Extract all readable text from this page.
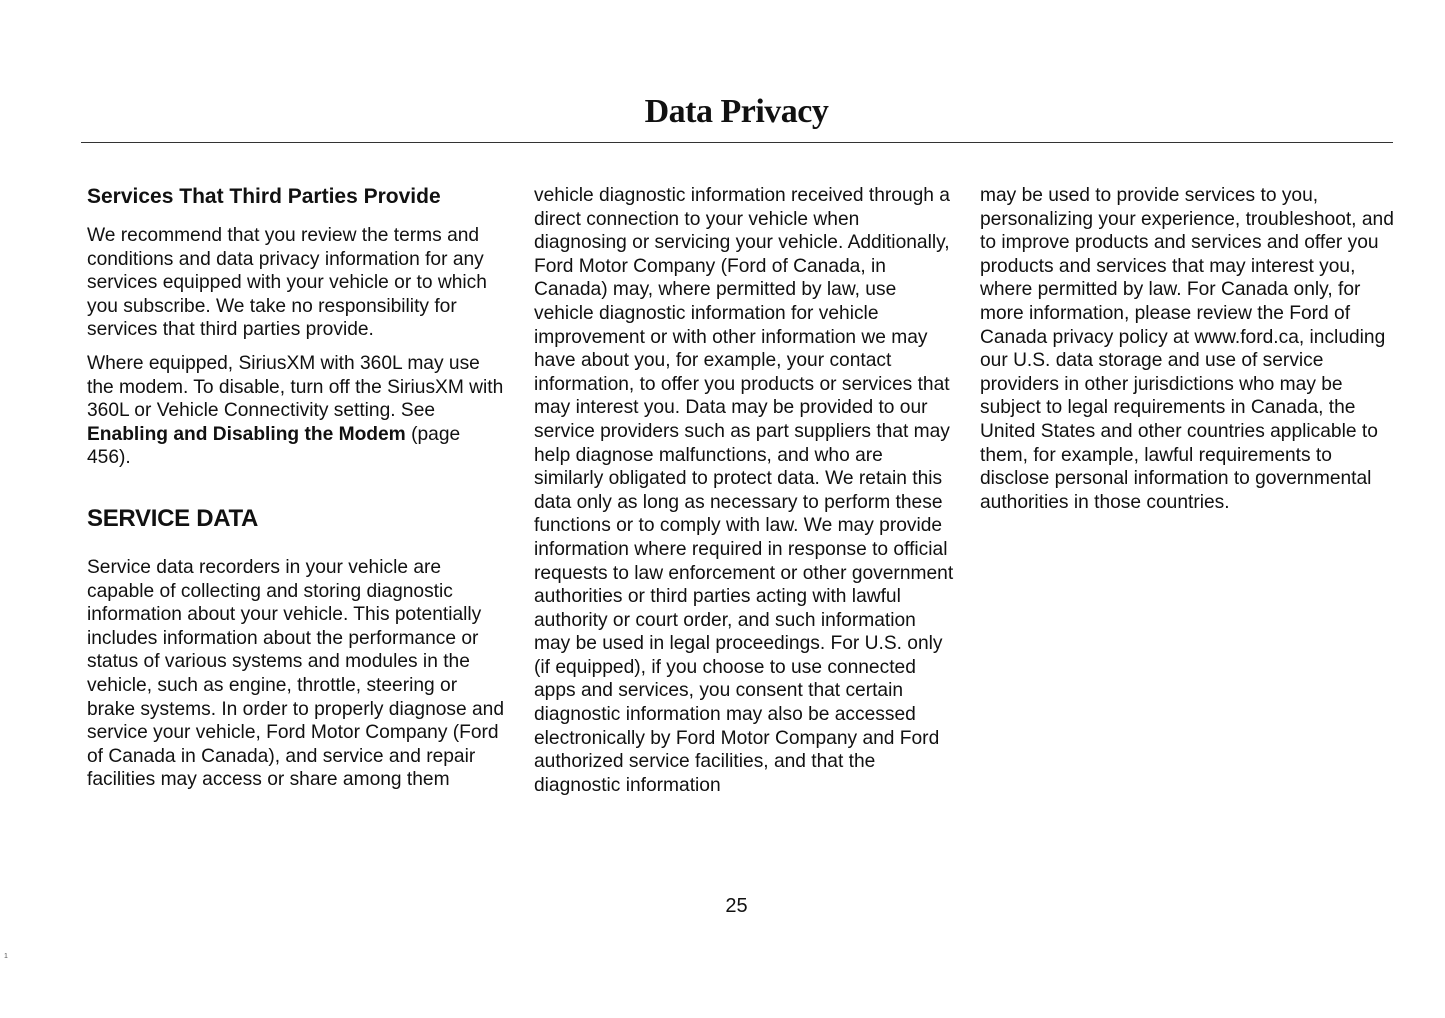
Data Privacy
Services That Third Parties Provide

We recommend that you review the terms and conditions and data privacy information for any services equipped with your vehicle or to which you subscribe. We take no responsibility for services that third parties provide.

Where equipped, SiriusXM with 360L may use the modem. To disable, turn off the SiriusXM with 360L or Vehicle Connectivity setting. See Enabling and Disabling the Modem (page 456).

SERVICE DATA

Service data recorders in your vehicle are capable of collecting and storing diagnostic information about your vehicle. This potentially includes information about the performance or status of various systems and modules in the vehicle, such as engine, throttle, steering or brake systems. In order to properly diagnose and service your vehicle, Ford Motor Company (Ford of Canada in Canada), and service and repair facilities may access or share among them

vehicle diagnostic information received through a direct connection to your vehicle when diagnosing or servicing your vehicle. Additionally, Ford Motor Company (Ford of Canada, in Canada) may, where permitted by law, use vehicle diagnostic information for vehicle improvement or with other information we may have about you, for example, your contact information, to offer you products or services that may interest you. Data may be provided to our service providers such as part suppliers that may help diagnose malfunctions, and who are similarly obligated to protect data. We retain this data only as long as necessary to perform these functions or to comply with law. We may provide information where required in response to official requests to law enforcement or other government authorities or third parties acting with lawful authority or court order, and such information may be used in legal proceedings. For U.S. only (if equipped), if you choose to use connected apps and services, you consent that certain diagnostic information may also be accessed electronically by Ford Motor Company and Ford authorized service facilities, and that the diagnostic information

may be used to provide services to you, personalizing your experience, troubleshoot, and to improve products and services and offer you products and services that may interest you, where permitted by law. For Canada only, for more information, please review the Ford of Canada privacy policy at www.ford.ca, including our U.S. data storage and use of service providers in other jurisdictions who may be subject to legal requirements in Canada, the United States and other countries applicable to them, for example, lawful requirements to disclose personal information to governmental authorities in those countries.

25
1
